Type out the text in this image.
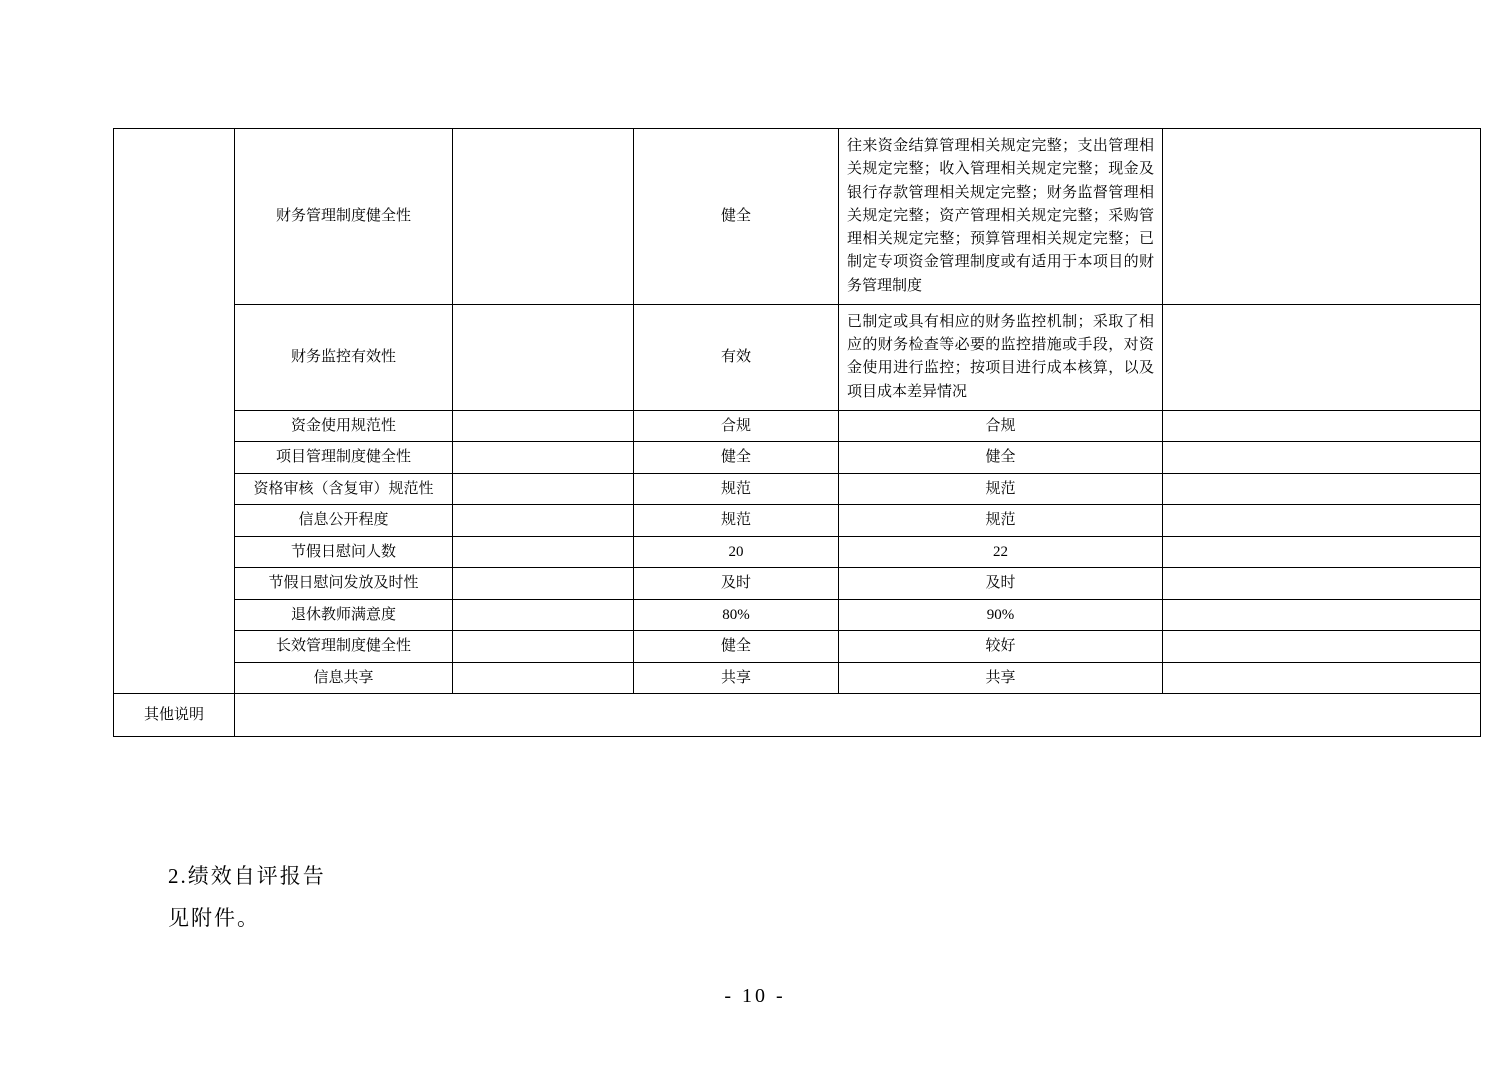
	财务管理制度健全性		健全	往来资金结算管理相关规定完整；支出管理相关规定完整；收入管理相关规定完整；现金及银行存款管理相关规定完整；财务监督管理相关规定完整；资产管理相关规定完整；采购管理相关规定完整；预算管理相关规定完整；已制定专项资金管理制度或有适用于本项目的财务管理制度	
	财务监控有效性		有效	已制定或具有相应的财务监控机制；采取了相应的财务检查等必要的监控措施或手段，对资金使用进行监控；按项目进行成本核算，以及项目成本差异情况	
	资金使用规范性		合规	合规	
	项目管理制度健全性		健全	健全	
	资格审核（含复审）规范性		规范	规范	
	信息公开程度		规范	规范	
	节假日慰问人数		20	22	
	节假日慰问发放及时性		及时	及时	
	退休教师满意度		80%	90%	
	长效管理制度健全性		健全	较好	
	信息共享		共享	共享	
其他说明					
2.绩效自评报告
见附件。
- 10 -
